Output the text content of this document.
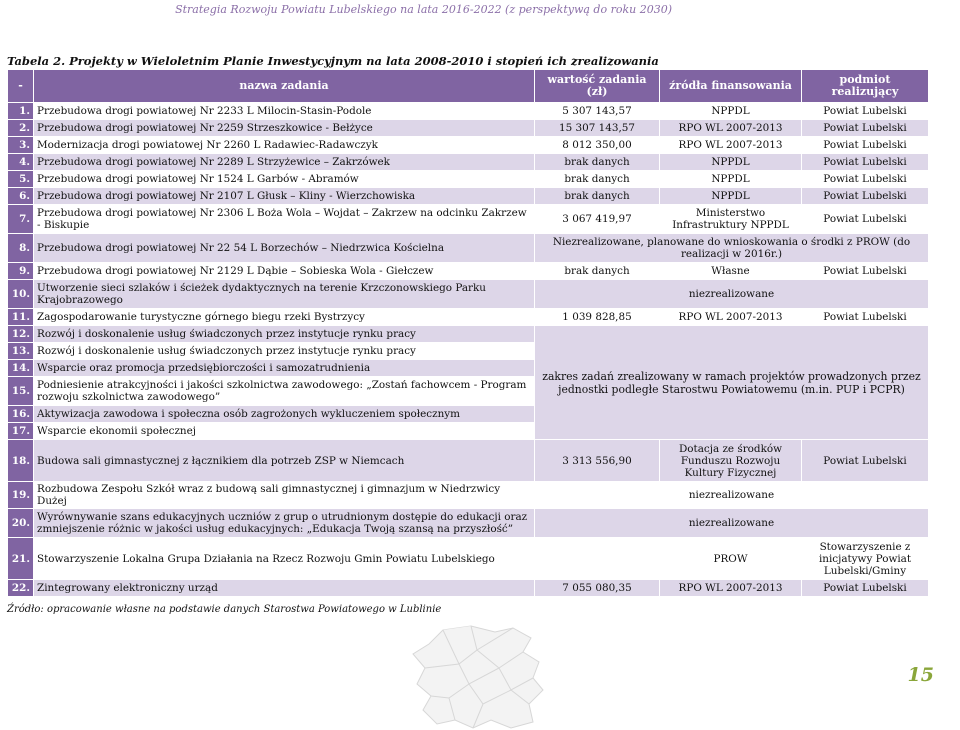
Strategia Rozwoju Powiatu Lubelskiego na lata 2016-2022 (z perspektywą do roku 2030)
Tabela 2. Projekty w Wieloletnim Planie Inwestycyjnym na lata 2008-2010 i stopień ich zrealizowania
-	nazwa zadania	wartość zadania (zł)	źródła finansowania	podmiot realizujący
1.	Przebudowa drogi powiatowej Nr 2233 L Milocin-Stasin-Podole	5 307 143,57	NPPDL	Powiat Lubelski
2.	Przebudowa drogi powiatowej Nr 2259 Strzeszkowice - Bełżyce	15 307 143,57	RPO WL 2007-2013	Powiat Lubelski
3.	Modernizacja drogi powiatowej Nr 2260 L Radawiec-Radawczyk	8 012 350,00	RPO WL 2007-2013	Powiat Lubelski
4.	Przebudowa drogi powiatowej Nr 2289 L Strzyżewice – Zakrzówek	brak danych	NPPDL	Powiat Lubelski
5.	Przebudowa drogi powiatowej Nr 1524 L Garbów - Abramów	brak danych	NPPDL	Powiat Lubelski
6.	Przebudowa drogi powiatowej Nr 2107 L Głusk – Kliny - Wierzchowiska	brak danych	NPPDL	Powiat Lubelski
7.	Przebudowa drogi powiatowej Nr 2306 L Boża Wola – Wojdat – Zakrzew na odcinku Zakrzew - Biskupie	3 067 419,97	Ministerstwo Infrastruktury NPPDL	Powiat Lubelski
8.	Przebudowa drogi powiatowej Nr 22 54 L Borzechów – Niedrzwica Kościelna	Niezrealizowane, planowane do wnioskowania o środki z PROW (do realizacji w 2016r.)		
9.	Przebudowa drogi powiatowej Nr 2129 L Dąbie – Sobieska Wola - Giełczew	brak danych	Własne	Powiat Lubelski
10.	Utworzenie sieci szlaków i ścieżek dydaktycznych na terenie Krzczonowskiego Parku Krajobrazowego	niezrealizowane		
11.	Zagospodarowanie turystyczne górnego biegu rzeki Bystrzycy	1 039 828,85	RPO WL 2007-2013	Powiat Lubelski
12.	Rozwój i doskonalenie usług świadczonych przez instytucje rynku pracy	zakres zadań zrealizowany w ramach projektów prowadzonych przez jednostki podległe Starostwu Powiatowemu (m.in. PUP i PCPR)		
13.	Rozwój i doskonalenie usług świadczonych przez instytucje rynku pracy			
14.	Wsparcie oraz promocja przedsiębiorczości i samozatrudnienia			
15.	Podniesienie atrakcyjności i jakości szkolnictwa zawodowego: „Zostań fachowcem - Program rozwoju szkolnictwa zawodowego”			
16.	Aktywizacja zawodowa i społeczna osób zagrożonych wykluczeniem społecznym			
17.	Wsparcie ekonomii społecznej			
18.	Budowa sali gimnastycznej z łącznikiem dla potrzeb ZSP w Niemcach	3 313 556,90	Dotacja ze środków Funduszu Rozwoju Kultury Fizycznej	Powiat Lubelski
19.	Rozbudowa Zespołu Szkół wraz z budową sali gimnastycznej i gimnazjum w Niedrzwicy Dużej	niezrealizowane		
20.	Wyrównywanie szans edukacyjnych uczniów z grup o utrudnionym dostępie do edukacji oraz zmniejszenie różnic w jakości usług edukacyjnych: „Edukacja Twoją szansą na przyszłość”	niezrealizowane		
21.	Stowarzyszenie Lokalna Grupa Działania na Rzecz Rozwoju Gmin Powiatu Lubelskiego		PROW	Stowarzyszenie z inicjatywy Powiat Lubelski/Gminy
22.	Zintegrowany elektroniczny urząd	7 055 080,35	RPO WL 2007-2013	Powiat Lubelski
Źródło: opracowanie własne na podstawie danych Starostwa Powiatowego w Lublinie
15
